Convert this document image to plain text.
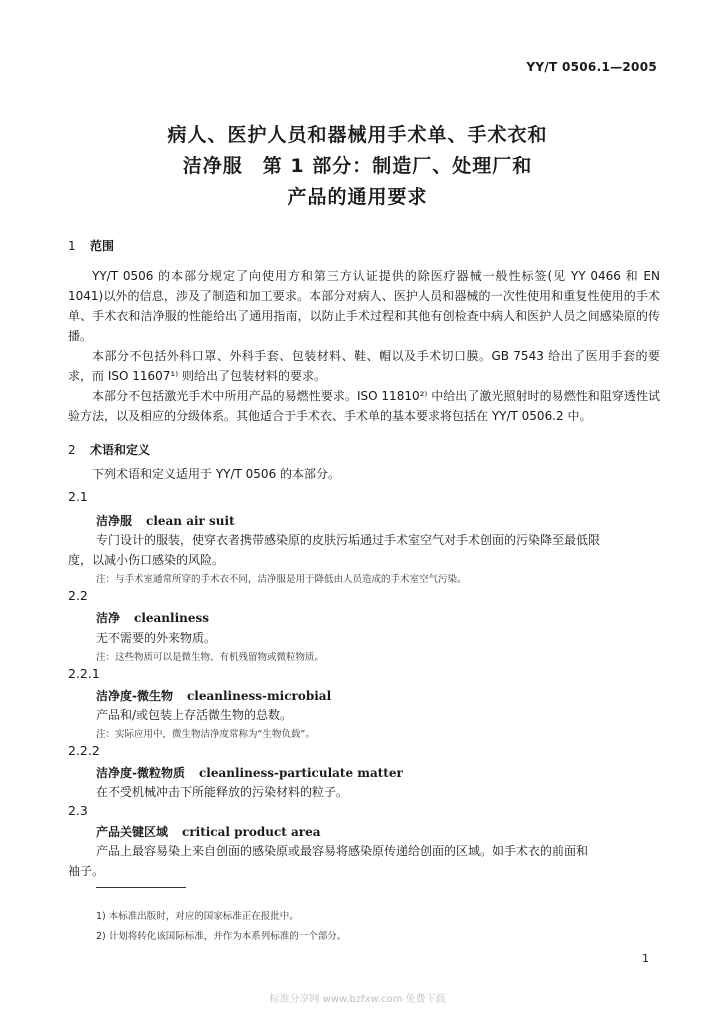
YY/T 0506.1—2005
病人、医护人员和器械用手术单、手术衣和
洁净服　第 1 部分：制造厂、处理厂和
产品的通用要求
1 范围

YY/T 0506 的本部分规定了向使用方和第三方认证提供的除医疗器械一般性标签(见 YY 0466 和 EN 1041)以外的信息，涉及了制造和加工要求。本部分对病人、医护人员和器械的一次性使用和重复性使用的手术单、手术衣和洁净服的性能给出了通用指南，以防止手术过程和其他有创检查中病人和医护人员之间感染原的传播。

本部分不包括外科口罩、外科手套、包装材料、鞋、帽以及手术切口膜。GB 7543 给出了医用手套的要求，而 ISO 11607¹⁾ 则给出了包装材料的要求。

本部分不包括激光手术中所用产品的易燃性要求。ISO 11810²⁾ 中给出了激光照射时的易燃性和阻穿透性试验方法，以及相应的分级体系。其他适合于手术衣、手术单的基本要求将包括在 YY/T 0506.2 中。

2 术语和定义

下列术语和定义适用于 YY/T 0506 的本部分。

2.1
洁净服 clean air suit
专门设计的服装，使穿衣者携带感染原的皮肤污垢通过手术室空气对手术创面的污染降至最低限
度，以减小伤口感染的风险。
注：与手术室通常所穿的手术衣不同，洁净服是用于降低由人员造成的手术室空气污染。
2.2
洁净 cleanliness
无不需要的外来物质。
注：这些物质可以是微生物、有机残留物或微粒物质。
2.2.1
洁净度-微生物 cleanliness-microbial
产品和/或包装上存活微生物的总数。
注：实际应用中，微生物洁净度常称为“生物负载”。
2.2.2
洁净度-微粒物质 cleanliness-particulate matter
在不受机械冲击下所能释放的污染材料的粒子。
2.3
产品关键区域 critical product area
产品上最容易染上来自创面的感染原或最容易将感染原传递给创面的区域。如手术衣的前面和
袖子。
1) 本标准出版时，对应的国家标准正在报批中。
2) 计划将转化该国际标准，并作为本系列标准的一个部分。
1
标准分享网 www.bzfxw.com 免费下载
